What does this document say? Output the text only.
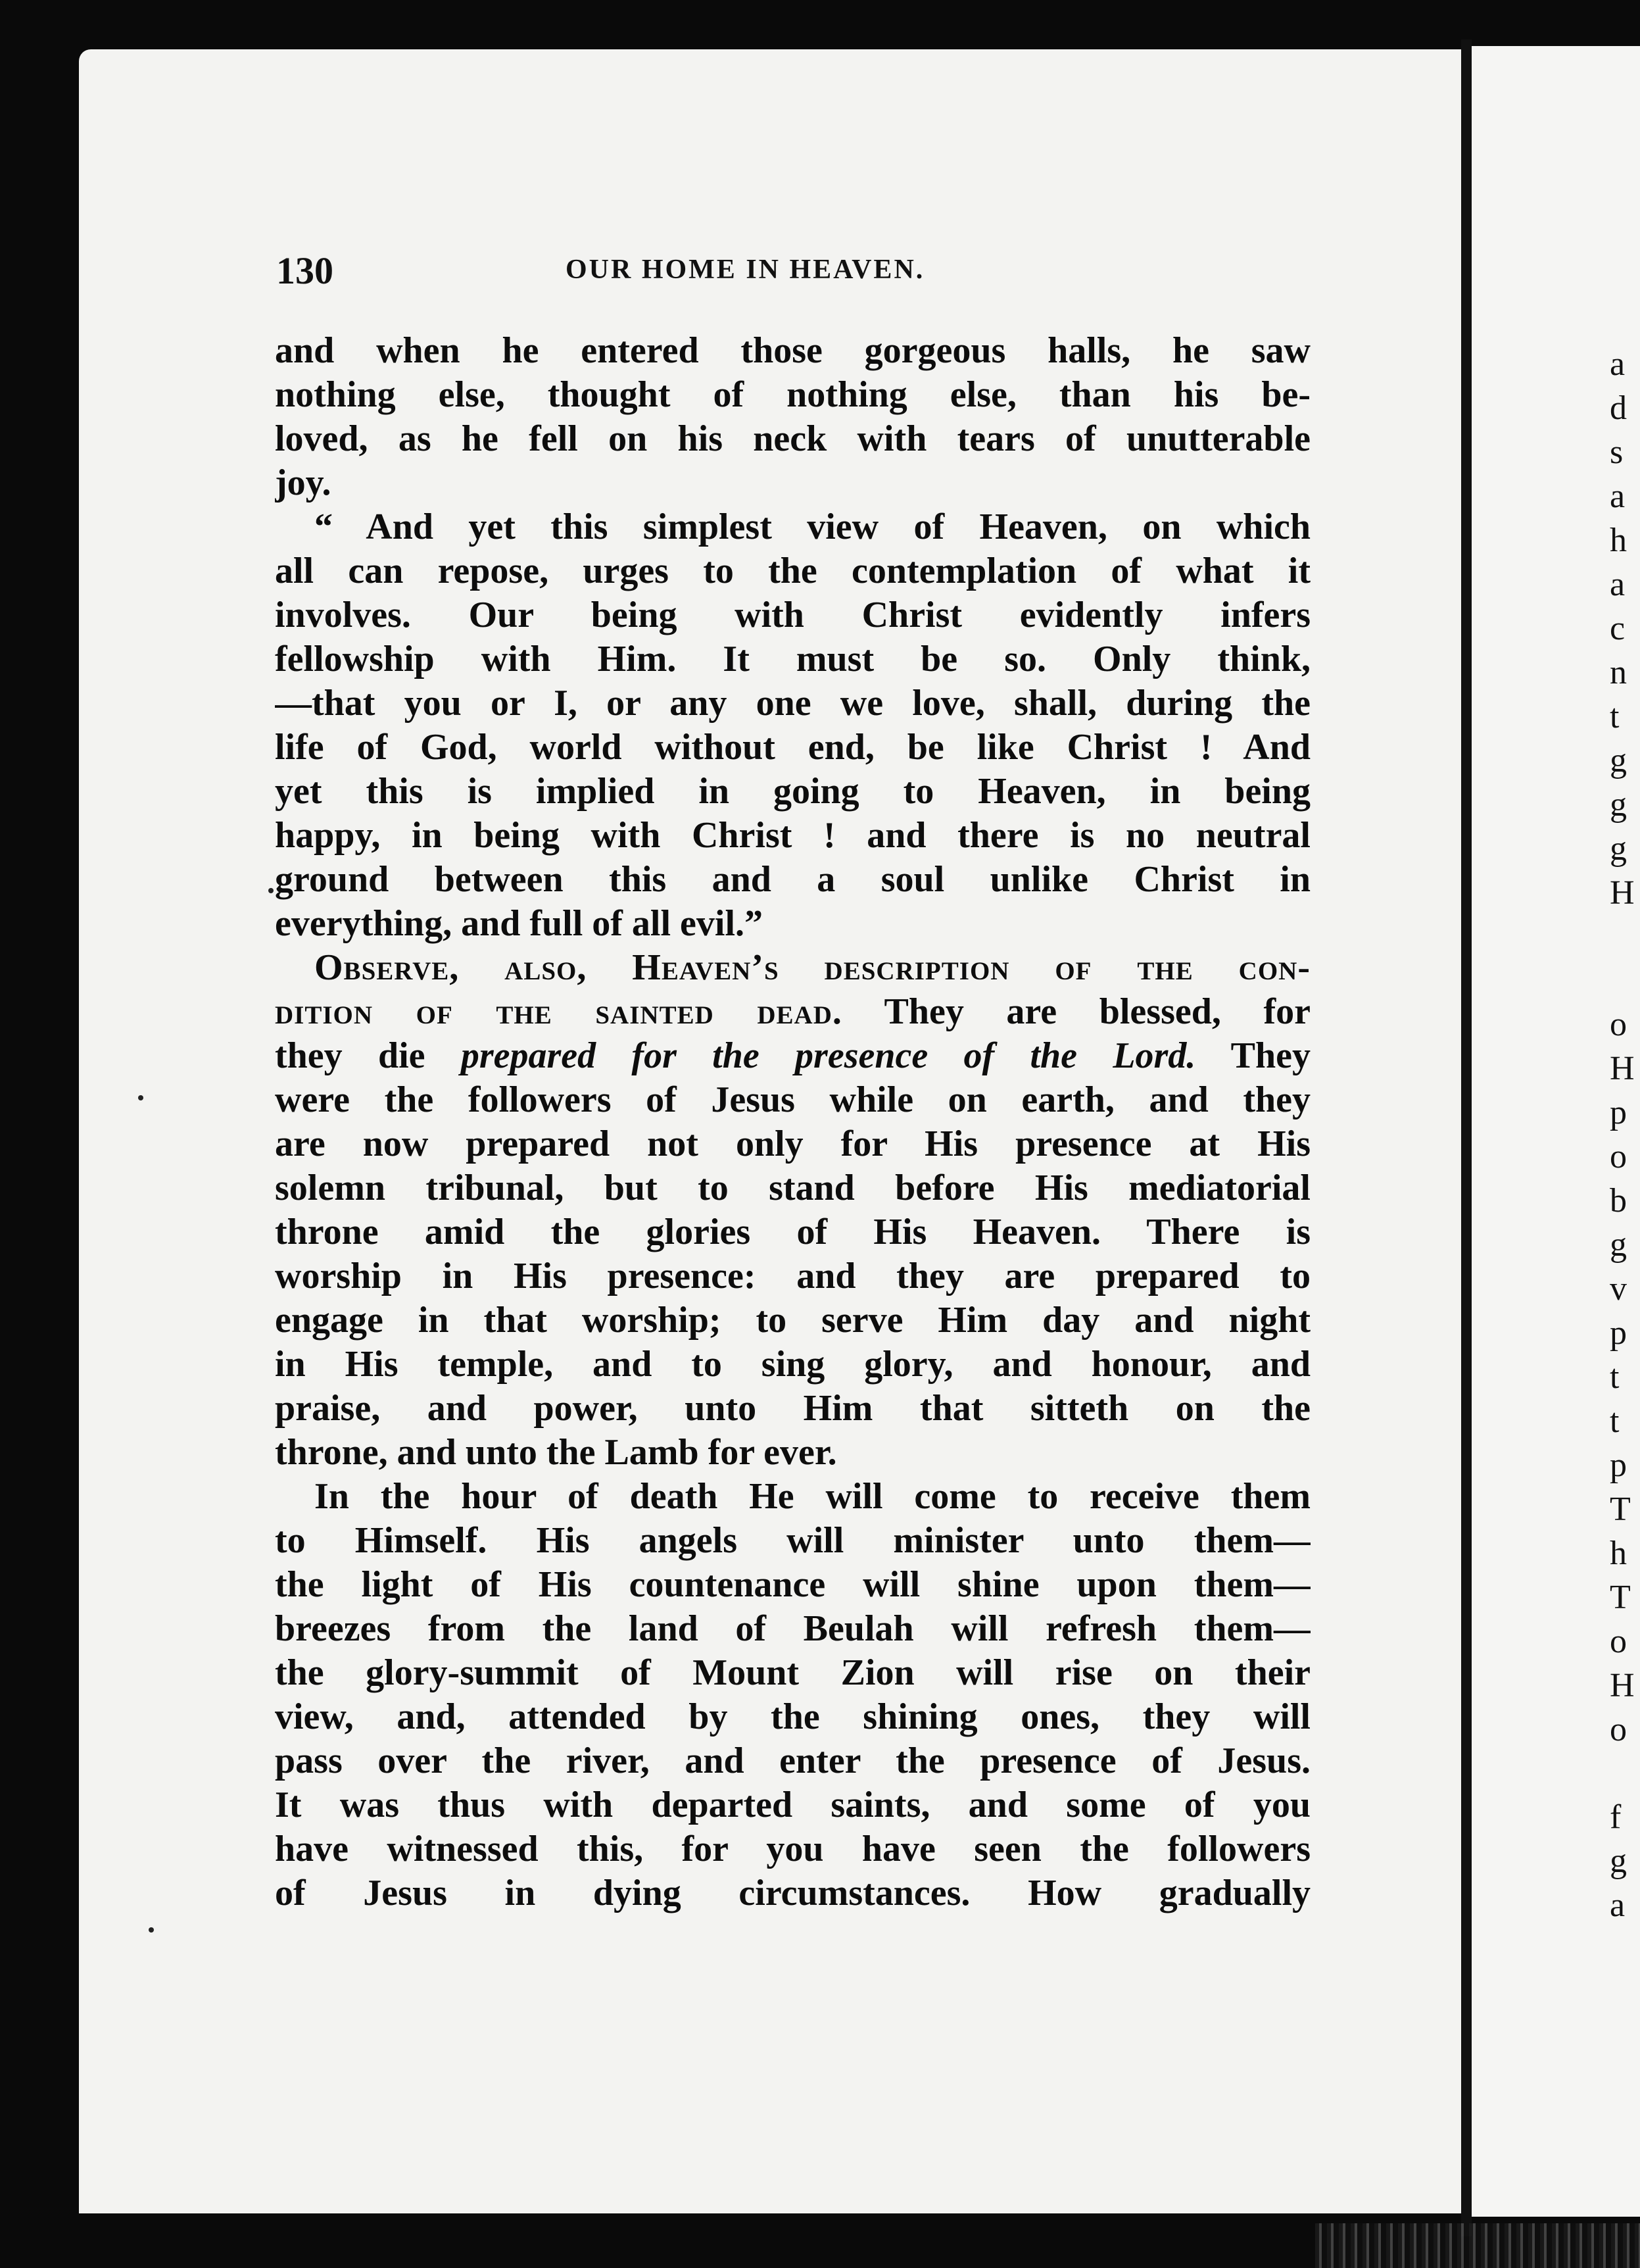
a
d
s
a
h
a
c
n
t
g
g
g
H
o
H
p
o
b
g
v
p
t
t
p
T
h
T
o
H
o
f
g
a
130	OUR HOME IN HEAVEN.
and when he entered those gorgeous halls, he saw
nothing else, thought of nothing else, than his be-
loved, as he fell on his neck with tears of unutterable
joy.
“ And yet this simplest view of Heaven, on which
all can repose, urges to the contemplation of what it
involves. Our being with Christ evidently infers
fellowship with Him. It must be so. Only think,
—that you or I, or any one we love, shall, during the
life of God, world without end, be like Christ ! And
yet this is implied in going to Heaven, in being
happy, in being with Christ ! and there is no neutral
ground between this and a soul unlike Christ in
everything, and full of all evil.”
Observe, also, Heaven’s description of the con-
dition of the sainted dead. They are blessed, for
they die prepared for the presence of the Lord. They
were the followers of Jesus while on earth, and they
are now prepared not only for His presence at His
solemn tribunal, but to stand before His mediatorial
throne amid the glories of His Heaven. There is
worship in His presence: and they are prepared to
engage in that worship; to serve Him day and night
in His temple, and to sing glory, and honour, and
praise, and power, unto Him that sitteth on the
throne, and unto the Lamb for ever.
In the hour of death He will come to receive them
to Himself. His angels will minister unto them—
the light of His countenance will shine upon them—
breezes from the land of Beulah will refresh them—
the glory-summit of Mount Zion will rise on their
view, and, attended by the shining ones, they will
pass over the river, and enter the presence of Jesus.
It was thus with departed saints, and some of you
have witnessed this, for you have seen the followers
of Jesus in dying circumstances. How gradually
